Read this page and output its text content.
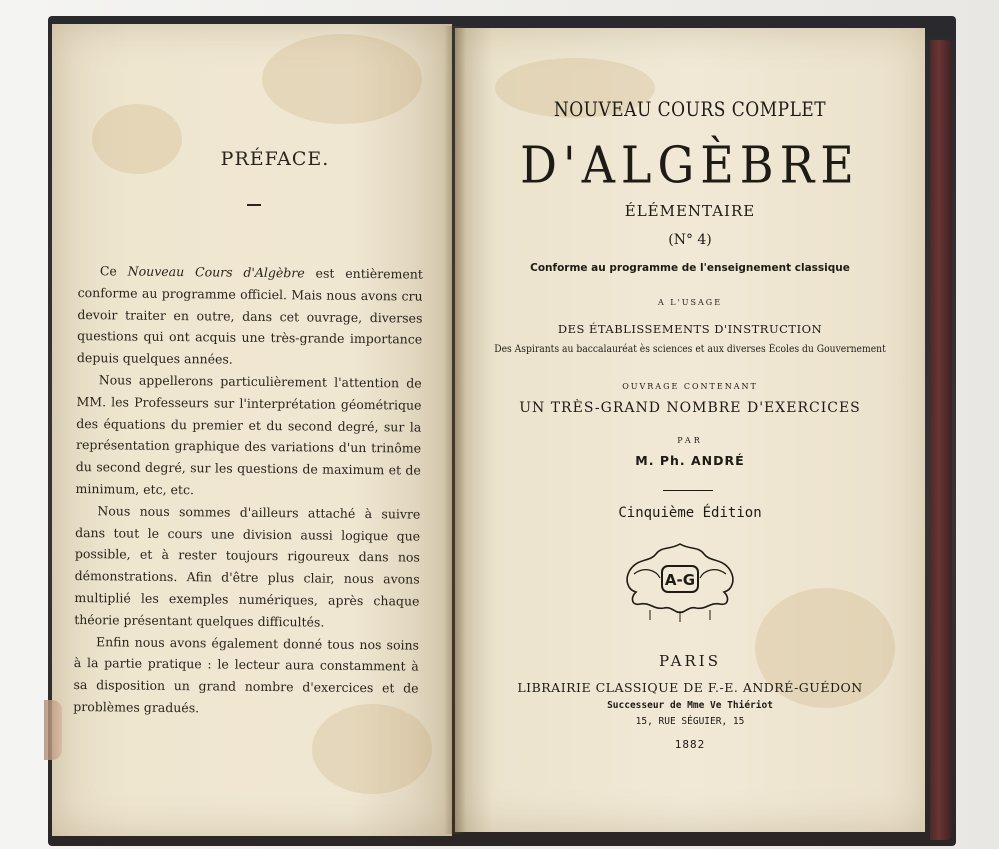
PRÉFACE.

Ce Nouveau Cours d'Algèbre est entièrement conforme au programme officiel. Mais nous avons cru devoir traiter en outre, dans cet ouvrage, diverses questions qui ont acquis une très-grande importance depuis quelques années.

Nous appellerons particulièrement l'attention de MM. les Professeurs sur l'interprétation géométrique des équations du premier et du second degré, sur la représentation graphique des variations d'un trinôme du second degré, sur les questions de maximum et de minimum, etc, etc.

Nous nous sommes d'ailleurs attaché à suivre dans tout le cours une division aussi logique que possible, et à rester toujours rigoureux dans nos démonstrations. Afin d'être plus clair, nous avons multiplié les exemples numériques, après chaque théorie présentant quelques difficultés.

Enfin nous avons également donné tous nos soins à la partie pratique : le lecteur aura constamment à sa disposition un grand nombre d'exercices et de problèmes gradués.

NOUVEAU COURS COMPLET
D'ALGÈBRE
ÉLÉMENTAIRE
(N° 4)
Conforme au programme de l'enseignement classique
A L'USAGE
DES ÉTABLISSEMENTS D'INSTRUCTION
Des Aspirants au baccalauréat ès sciences et aux diverses Écoles du Gouvernement
OUVRAGE CONTENANT
UN TRÈS-GRAND NOMBRE D'EXERCICES
PAR
M. Ph. ANDRÉ
Cinquième Édition
A-G
PARIS
LIBRAIRIE CLASSIQUE DE F.-E. ANDRÉ-GUÉDON
Successeur de Mme Ve Thiériot
15, RUE SÉGUIER, 15
1882
